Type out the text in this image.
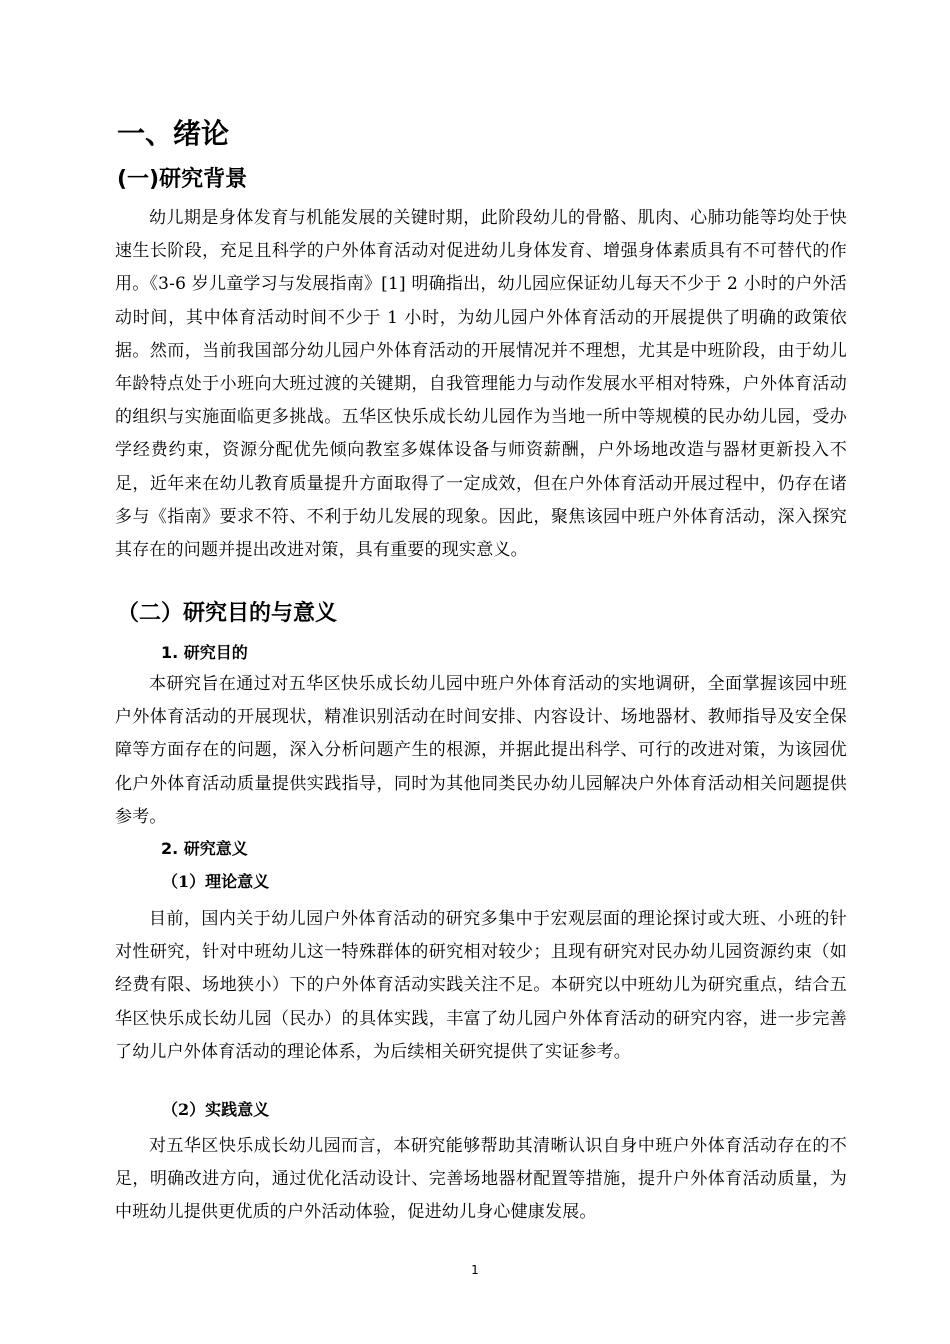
一、绪论
(一)研究背景

幼儿期是身体发育与机能发展的关键时期，此阶段幼儿的骨骼、肌肉、心肺功能等均处于快速生长阶段，充足且科学的户外体育活动对促进幼儿身体发育、增强身体素质具有不可替代的作用。《3-6 岁儿童学习与发展指南》[1] 明确指出，幼儿园应保证幼儿每天不少于 2 小时的户外活动时间，其中体育活动时间不少于 1 小时，为幼儿园户外体育活动的开展提供了明确的政策依据。然而，当前我国部分幼儿园户外体育活动的开展情况并不理想，尤其是中班阶段，由于幼儿年龄特点处于小班向大班过渡的关键期，自我管理能力与动作发展水平相对特殊，户外体育活动的组织与实施面临更多挑战。五华区快乐成长幼儿园作为当地一所中等规模的民办幼儿园，受办学经费约束，资源分配优先倾向教室多媒体设备与师资薪酬，户外场地改造与器材更新投入不足，近年来在幼儿教育质量提升方面取得了一定成效，但在户外体育活动开展过程中，仍存在诸多与《指南》要求不符、不利于幼儿发展的现象。因此，聚焦该园中班户外体育活动，深入探究其存在的问题并提出改进对策，具有重要的现实意义。

（二）研究目的与意义
1. 研究目的

本研究旨在通过对五华区快乐成长幼儿园中班户外体育活动的实地调研，全面掌握该园中班户外体育活动的开展现状，精准识别活动在时间安排、内容设计、场地器材、教师指导及安全保障等方面存在的问题，深入分析问题产生的根源，并据此提出科学、可行的改进对策，为该园优化户外体育活动质量提供实践指导，同时为其他同类民办幼儿园解决户外体育活动相关问题提供参考。

2. 研究意义
（1）理论意义

目前，国内关于幼儿园户外体育活动的研究多集中于宏观层面的理论探讨或大班、小班的针对性研究，针对中班幼儿这一特殊群体的研究相对较少；且现有研究对民办幼儿园资源约束（如经费有限、场地狭小）下的户外体育活动实践关注不足。本研究以中班幼儿为研究重点，结合五华区快乐成长幼儿园（民办）的具体实践，丰富了幼儿园户外体育活动的研究内容，进一步完善了幼儿户外体育活动的理论体系，为后续相关研究提供了实证参考。

（2）实践意义

对五华区快乐成长幼儿园而言，本研究能够帮助其清晰认识自身中班户外体育活动存在的不足，明确改进方向，通过优化活动设计、完善场地器材配置等措施，提升户外体育活动质量，为中班幼儿提供更优质的户外活动体验，促进幼儿身心健康发展。

1
